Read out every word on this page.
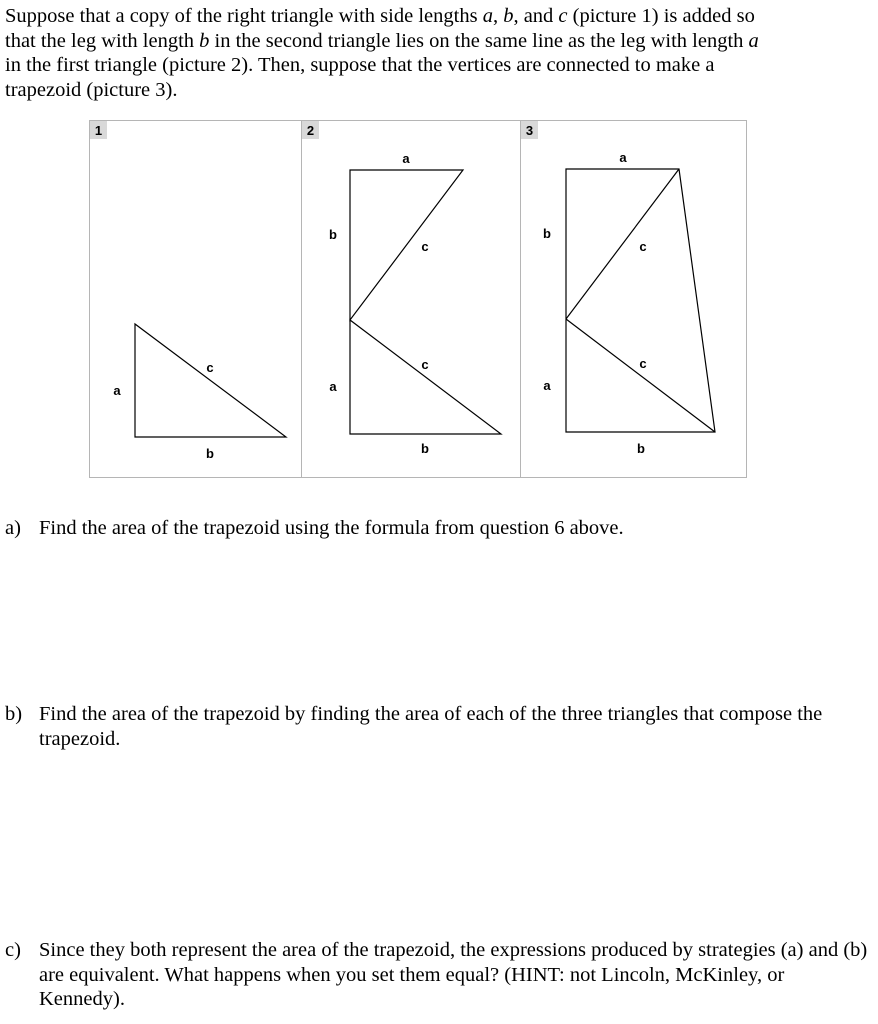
Suppose that a copy of the right triangle with side lengths a, b, and c (picture 1) is added so
that the leg with length b in the second triangle lies on the same line as the leg with length a
in the first triangle (picture 2). Then, suppose that the vertices are connected to make a
trapezoid (picture 3).
1	2	3
a
c
b
a
b
c
c
a
b
a
b
c
c
a
b
a) Find the area of the trapezoid using the formula from question 6 above.
b) Find the area of the trapezoid by finding the area of each of the three triangles that compose the trapezoid.
c) Since they both represent the area of the trapezoid, the expressions produced by strategies (a) and (b) are equivalent. What happens when you set them equal? (HINT: not Lincoln, McKinley, or Kennedy).
